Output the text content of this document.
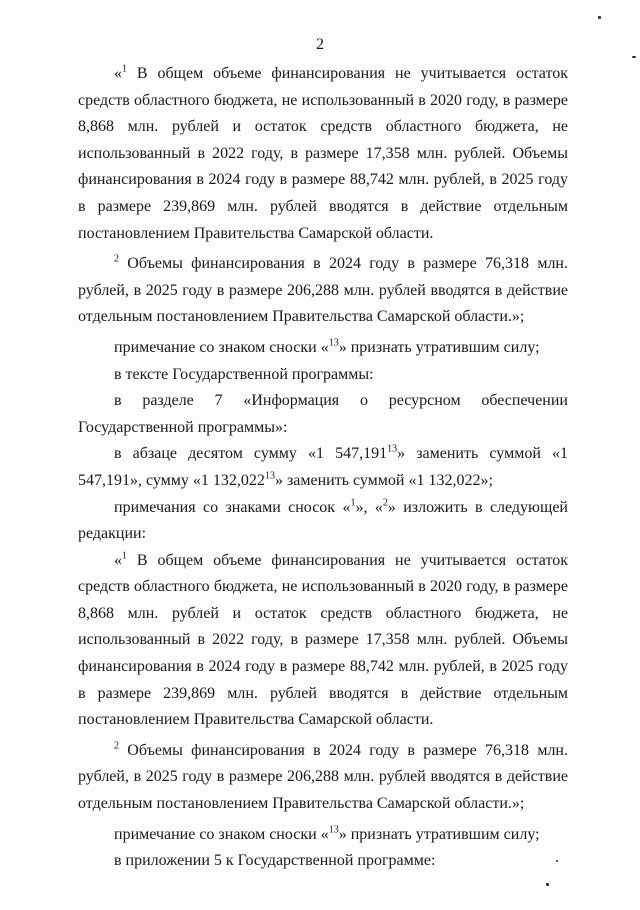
2

«$^1$ В общем объеме финансирования не учитывается остаток средств областного бюджета, не использованный в 2020 году, в размере 8,868 млн. рублей и остаток средств областного бюджета, не использованный в 2022 году, в размере 17,358 млн. рублей. Объемы финансирования в 2024 году в размере 88,742 млн. рублей, в 2025 году в размере 239,869 млн. рублей вводятся в действие отдельным постановлением Правительства Самарской области.

$^2$ Объемы финансирования в 2024 году в размере 76,318 млн. рублей, в 2025 году в размере 206,288 млн. рублей вводятся в действие отдельным постановлением Правительства Самарской области.»;

примечание со знаком сноски «$^{13}$» признать утратившим силу;

в тексте Государственной программы:

в разделе 7 «Информация о ресурсном обеспечении Государственной программы»:

в абзаце десятом сумму «1 547,191$^{13}$» заменить суммой «1 547,191», сумму «1 132,022$^{13}$» заменить суммой «1 132,022»;

примечания со знаками сносок «$^1$», «$^2$» изложить в следующей редакции:

«$^1$ В общем объеме финансирования не учитывается остаток средств областного бюджета, не использованный в 2020 году, в размере 8,868 млн. рублей и остаток средств областного бюджета, не использованный в 2022 году, в размере 17,358 млн. рублей. Объемы финансирования в 2024 году в размере 88,742 млн. рублей, в 2025 году в размере 239,869 млн. рублей вводятся в действие отдельным постановлением Правительства Самарской области.

$^2$ Объемы финансирования в 2024 году в размере 76,318 млн. рублей, в 2025 году в размере 206,288 млн. рублей вводятся в действие отдельным постановлением Правительства Самарской области.»;

примечание со знаком сноски «$^{13}$» признать утратившим силу;

в приложении 5 к Государственной программе:
